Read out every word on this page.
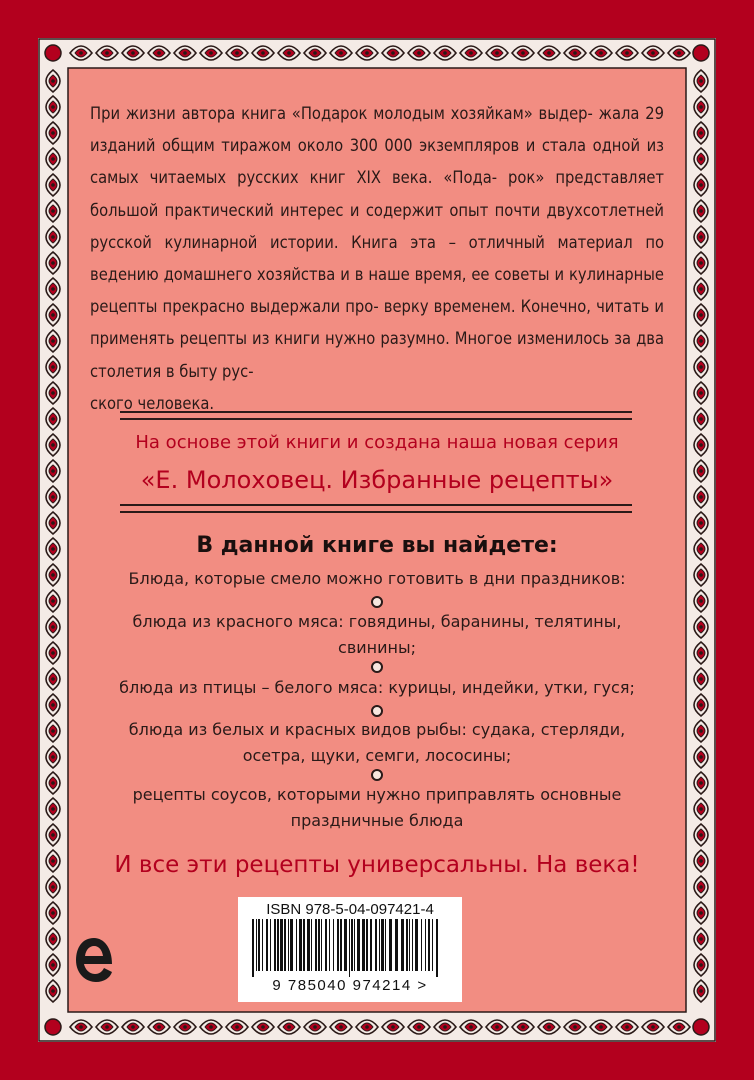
При жизни автора книга «Подарок молодым хозяйкам» выдер- жала 29 изданий общим тиражом около 300 000 экземпляров и стала одной из самых читаемых русских книг XIX века. «Пода- рок» представляет большой практический интерес и содержит опыт почти двухсотлетней русской кулинарной истории. Книга эта – отличный материал по ведению домашнего хозяйства и в наше время, ее советы и кулинарные рецепты прекрасно выдержали про- верку временем. Конечно, читать и применять рецепты из книги нужно разумно. Многое изменилось за два столетия в быту рус-
ского человека.

На основе этой книги и создана наша новая серия
«Е. Молоховец. Избранные рецепты»
В данной книге вы найдете:
Блюда, которые смело можно готовить в дни праздников:
блюда из красного мяса: говядины, баранины, телятины,
свинины;
блюда из птицы – белого мяса: курицы, индейки, утки, гуся;
блюда из белых и красных видов рыбы: судака, стерляди,
осетра, щуки, семги, лососины;
рецепты соусов, которыми нужно приправлять основные
праздничные блюда
И все эти рецепты универсальны. На века!
ISBN 978-5-04-097421-4
9 785040 974214 >
